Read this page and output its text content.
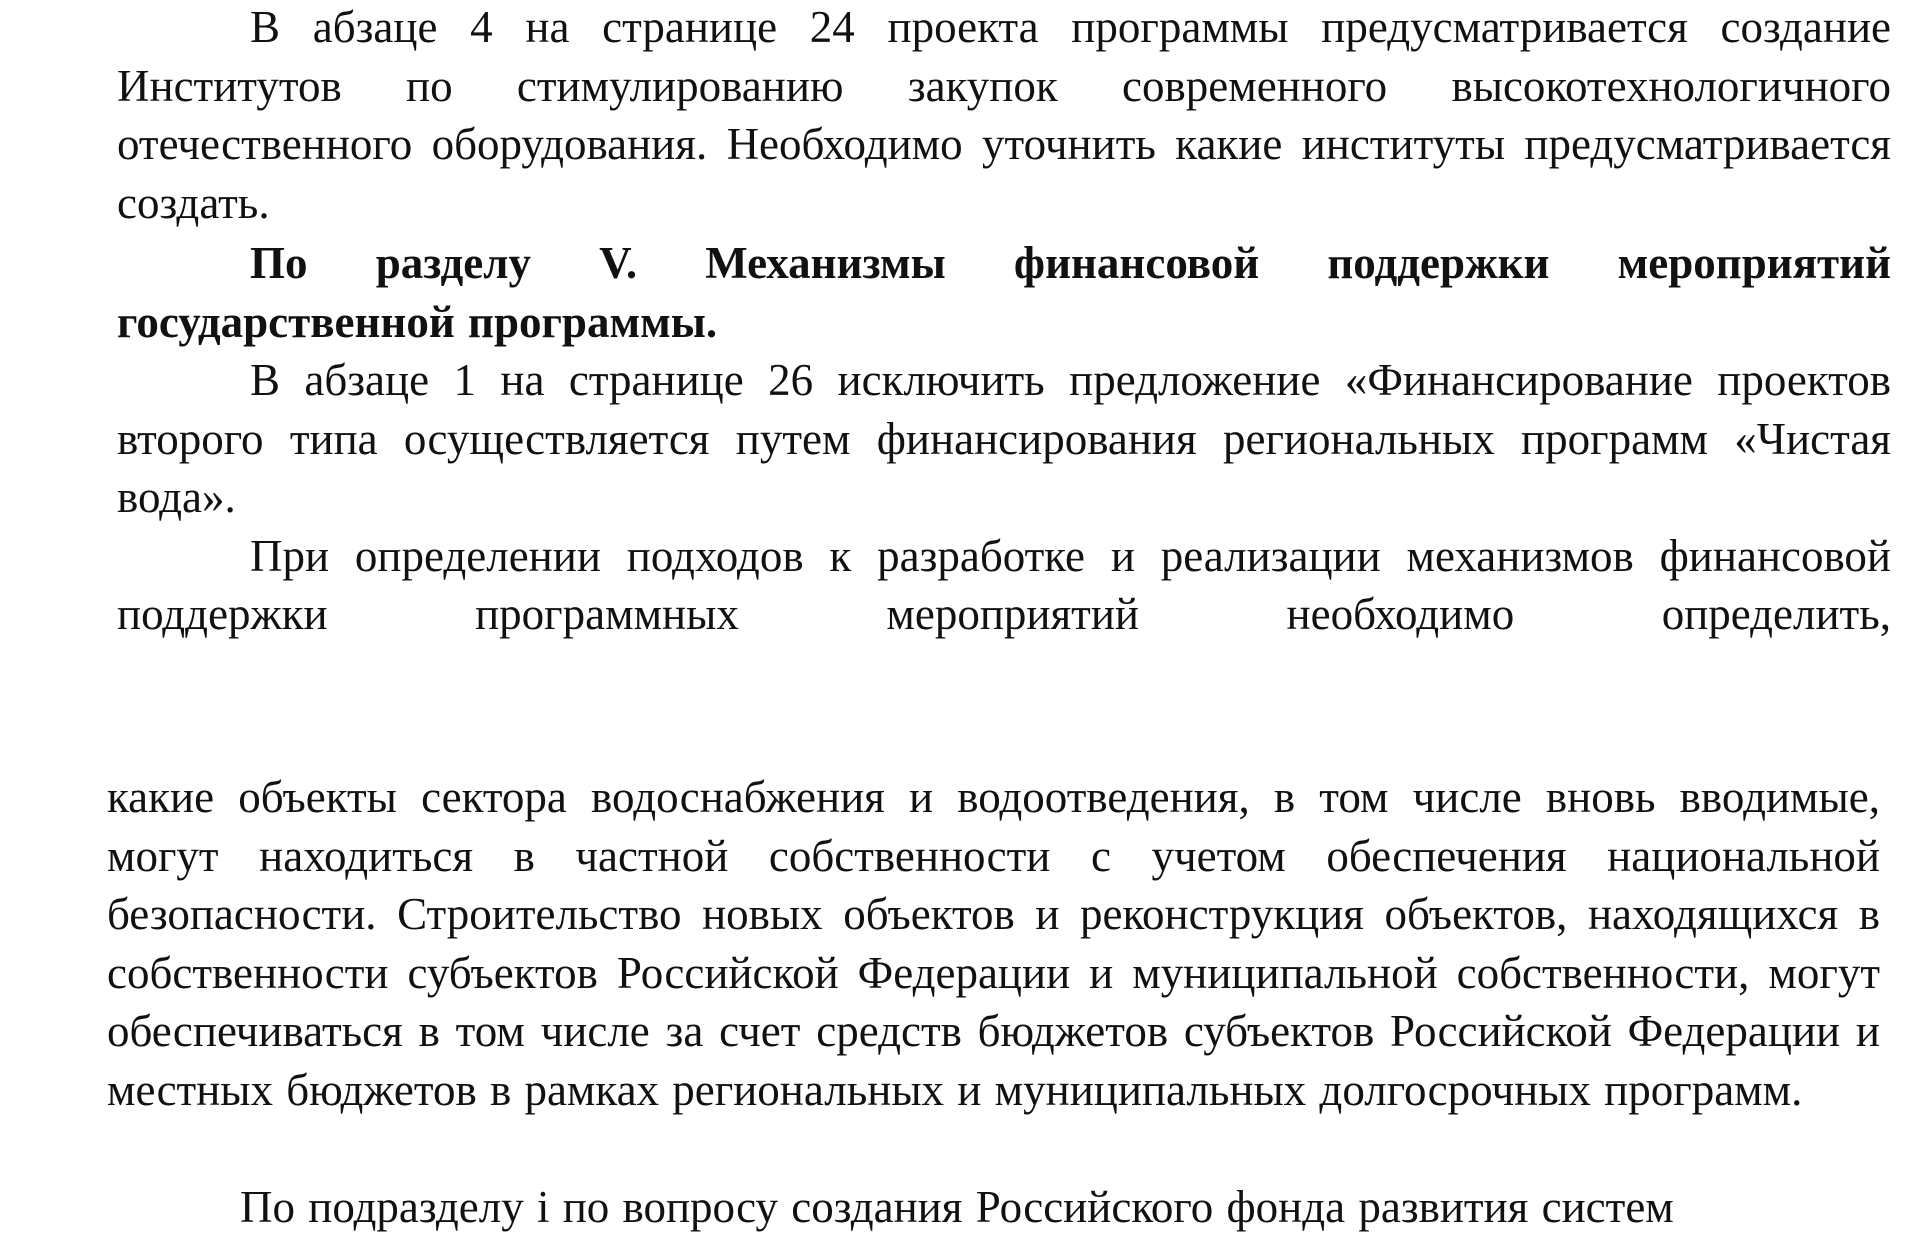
В абзаце 4 на странице 24 проекта программы предусматривается создание Институтов по стимулированию закупок современного высокотехнологичного отечественного оборудования. Необходимо уточнить какие институты предусматривается создать.

По разделу V. Механизмы финансовой поддержки мероприятий государственной программы.

В абзаце 1 на странице 26 исключить предложение «Финансирование проектов второго типа осуществляется путем финансирования региональных программ «Чистая вода».

При определении подходов к разработке и реализации механизмов финансовой поддержки программных мероприятий необходимо определить,

какие объекты сектора водоснабжения и водоотведения, в том числе вновь вводимые, могут находиться в частной собственности с учетом обеспечения национальной безопасности. Строительство новых объектов и реконструкция объектов, находящихся в собственности субъектов Российской Федерации и муниципальной собственности, могут обеспечиваться в том числе за счет средств бюджетов субъектов Российской Федерации и местных бюджетов в рамках региональных и муниципальных долгосрочных программ.

По подразделу i по вопросу создания Российского фонда развития систем
